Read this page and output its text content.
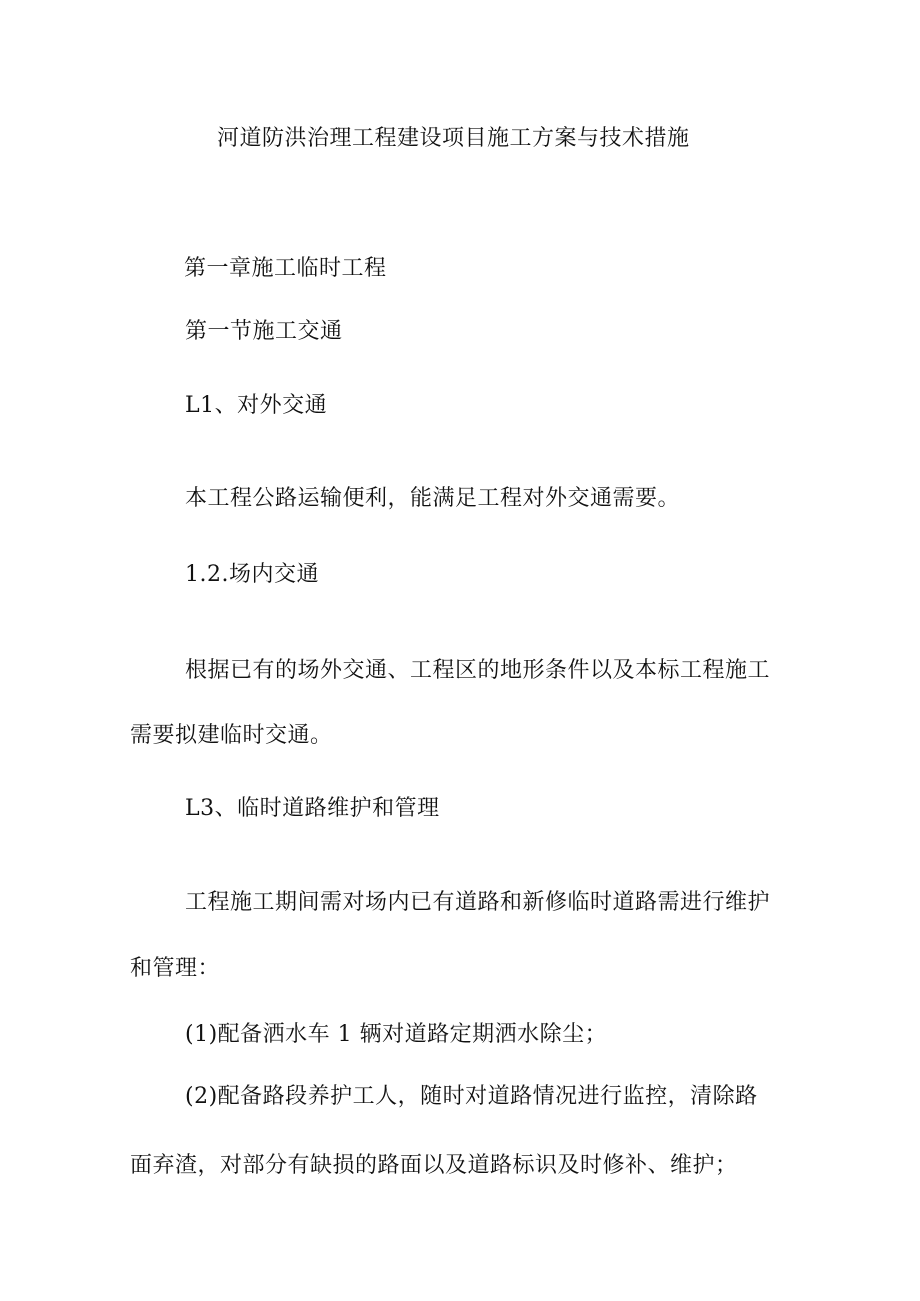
河道防洪治理工程建设项目施工方案与技术措施
第一章施工临时工程
第一节施工交通
L1、对外交通
本工程公路运输便利，能满足工程对外交通需要。
1.2.场内交通
根据已有的场外交通、工程区的地形条件以及本标工程施工
需要拟建临时交通。
L3、临时道路维护和管理
工程施工期间需对场内已有道路和新修临时道路需进行维护
和管理：
(1)配备洒水车 1 辆对道路定期洒水除尘；
(2)配备路段养护工人，随时对道路情况进行监控，清除路
面弃渣，对部分有缺损的路面以及道路标识及时修补、维护；
